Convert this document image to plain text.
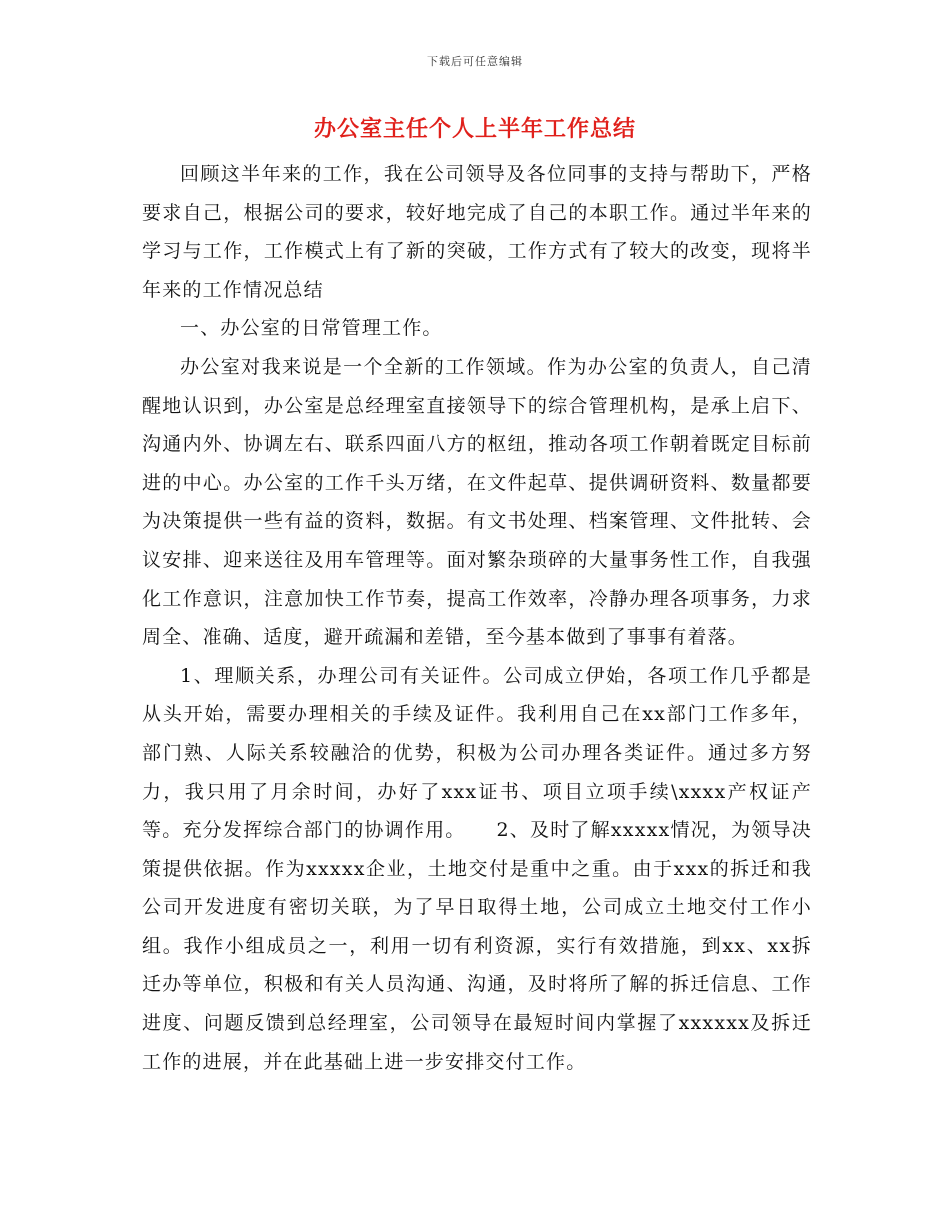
下载后可任意编辑
办公室主任个人上半年工作总结

回顾这半年来的工作，我在公司领导及各位同事的支持与帮助下，严格要求自己，根据公司的要求，较好地完成了自己的本职工作。通过半年来的学习与工作，工作模式上有了新的突破，工作方式有了较大的改变，现将半年来的工作情况总结

一、办公室的日常管理工作。

办公室对我来说是一个全新的工作领域。作为办公室的负责人，自己清醒地认识到，办公室是总经理室直接领导下的综合管理机构，是承上启下、沟通内外、协调左右、联系四面八方的枢纽，推动各项工作朝着既定目标前进的中心。办公室的工作千头万绪，在文件起草、提供调研资料、数量都要为决策提供一些有益的资料，数据。有文书处理、档案管理、文件批转、会议安排、迎来送往及用车管理等。面对繁杂琐碎的大量事务性工作，自我强化工作意识，注意加快工作节奏，提高工作效率，冷静办理各项事务，力求周全、准确、适度，避开疏漏和差错，至今基本做到了事事有着落。

1、理顺关系，办理公司有关证件。公司成立伊始，各项工作几乎都是从头开始，需要办理相关的手续及证件。我利用自己在xx部门工作多年，部门熟、人际关系较融洽的优势，积极为公司办理各类证件。通过多方努力，我只用了月余时间，办好了xxx证书、项目立项手续\xxxx产权证产等。充分发挥综合部门的协调作用。　　2、及时了解xxxxx情况，为领导决策提供依据。作为xxxxx企业，土地交付是重中之重。由于xxx的拆迁和我公司开发进度有密切关联，为了早日取得土地，公司成立土地交付工作小组。我作小组成员之一，利用一切有利资源，实行有效措施，到xx、xx拆迁办等单位，积极和有关人员沟通、沟通，及时将所了解的拆迁信息、工作进度、问题反馈到总经理室，公司领导在最短时间内掌握了xxxxxx及拆迁工作的进展，并在此基础上进一步安排交付工作。
